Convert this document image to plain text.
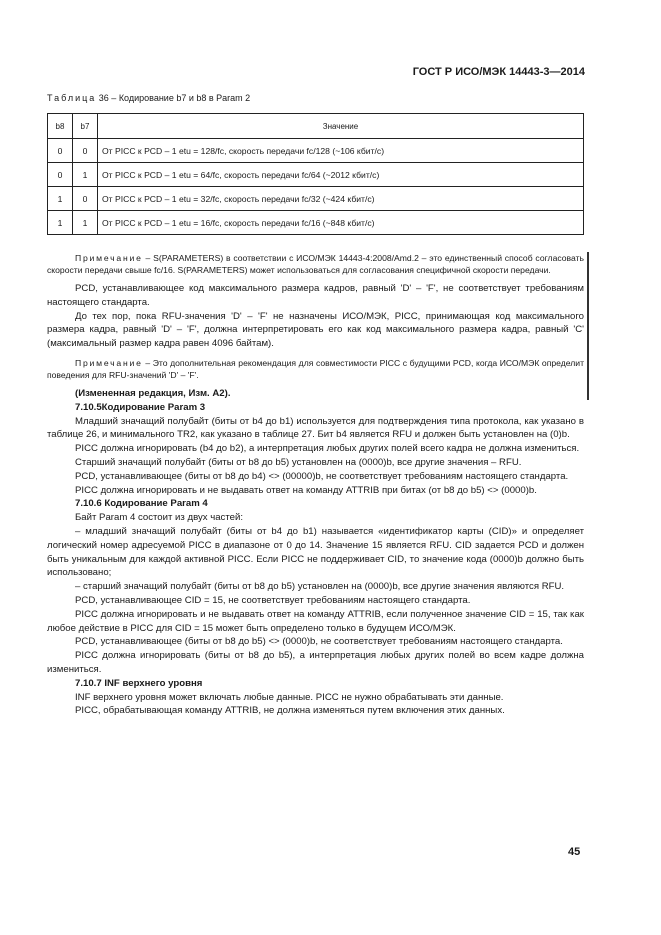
ГОСТ Р ИСО/МЭК 14443-3—2014
Таблица 36 – Кодирование b7 и b8 в Param 2
b8	b7	Значение
0	0	От PICC к PCD – 1 etu = 128/fc, скорость передачи fc/128 (~106 кбит/с)
0	1	От PICC к PCD – 1 etu = 64/fc, скорость передачи fc/64 (~2012 кбит/с)
1	0	От PICC к PCD – 1 etu = 32/fc, скорость передачи fc/32 (~424 кбит/с)
1	1	От PICC к PCD – 1 etu = 16/fc, скорость передачи fc/16 (~848 кбит/с)

Примечание – S(PARAMETERS) в соответствии с ИСО/МЭК 14443-4:2008/Amd.2 – это единственный способ согласовать скорости передачи свыше fc/16. S(PARAMETERS) может использоваться для согласования специфичной скорости передачи.

PCD, устанавливающее код максимального размера кадров, равный 'D' – 'F', не соответствует требованиям настоящего стандарта.

До тех пор, пока RFU-значения 'D' – 'F' не назначены ИСО/МЭК, PICC, принимающая код максимального размера кадра, равный 'D' – 'F', должна интерпретировать его как код максимального размера кадра, равный 'C' (максимальный размер кадра равен 4096 байтам).

Примечание – Это дополнительная рекомендация для совместимости PICC с будущими PCD, когда ИСО/МЭК определит поведения для RFU-значений 'D' – 'F'.

(Измененная редакция, Изм. А2).

7.10.5Кодирование Param 3

Младший значащий полубайт (биты от b4 до b1) используется для подтверждения типа протокола, как указано в таблице 26, и минимального TR2, как указано в таблице 27. Бит b4 является RFU и должен быть установлен на (0)b.

PICC должна игнорировать (b4 до b2), а интерпретация любых других полей всего кадра не должна измениться.

Старший значащий полубайт (биты от b8 до b5) установлен на (0000)b, все другие значения – RFU.

PCD, устанавливающее (биты от b8 до b4) <> (00000)b, не соответствует требованиям настоящего стандарта.

PICC должна игнорировать и не выдавать ответ на команду ATTRIB при битах (от b8 до b5) <> (0000)b.

7.10.6 Кодирование Param 4

Байт Param 4 состоит из двух частей:

– младший значащий полубайт (биты от b4 до b1) называется «идентификатор карты (CID)» и определяет логический номер адресуемой PICC в диапазоне от 0 до 14. Значение 15 является RFU. CID задается PCD и должен быть уникальным для каждой активной PICC. Если PICC не поддерживает CID, то значение кода (0000)b должно быть использовано;

– старший значащий полубайт (биты от b8 до b5) установлен на (0000)b, все другие значения являются RFU.

PCD, устанавливающее CID = 15, не соответствует требованиям настоящего стандарта.

PICC должна игнорировать и не выдавать ответ на команду ATTRIB, если полученное значение CID = 15, так как любое действие в PICC для CID = 15 может быть определено только в будущем ИСО/МЭК.

PCD, устанавливающее (биты от b8 до b5) <> (0000)b, не соответствует требованиям настоящего стандарта.

PICC должна игнорировать (биты от b8 до b5), а интерпретация любых других полей во всем кадре должна измениться.

7.10.7 INF верхнего уровня

INF верхнего уровня может включать любые данные. PICC не нужно обрабатывать эти данные.

PICC, обрабатывающая команду ATTRIB, не должна изменяться путем включения этих данных.

45
